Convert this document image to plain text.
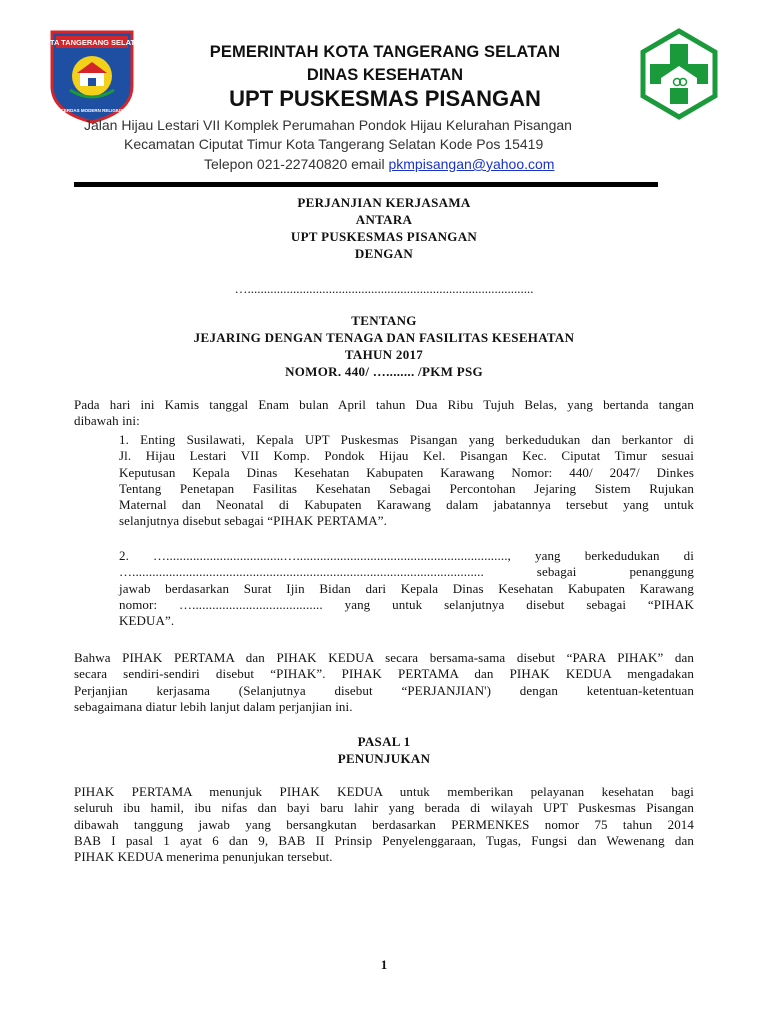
KOTA TANGERANG SELATAN
CERDAS MODERN RELIGIUS
PEMERINTAH KOTA TANGERANG SELATAN
DINAS KESEHATAN
UPT PUSKESMAS PISANGAN
Jalan Hijau Lestari VII Komplek Perumahan Pondok Hijau Kelurahan Pisangan
Kecamatan Ciputat Timur Kota Tangerang Selatan Kode Pos 15419
Telepon 021-22740820 email pkmpisangan@yahoo.com
PERJANJIAN KERJASAMA
ANTARA
UPT PUSKESMAS PISANGAN
DENGAN
…........................................................................................
TENTANG
JEJARING DENGAN TENAGA DAN FASILITAS KESEHATAN
TAHUN 2017
NOMOR. 440/ …........ /PKM PSG
Pada hari ini Kamis tanggal Enam bulan April tahun Dua Ribu Tujuh Belas, yang bertanda tangan
dibawah ini:
1. Enting Susilawati, Kepala UPT Puskesmas Pisangan yang berkedudukan dan berkantor di
Jl. Hijau Lestari VII Komp. Pondok Hijau Kel. Pisangan Kec. Ciputat Timur sesuai
Keputusan Kepala Dinas Kesehatan Kabupaten Karawang Nomor: 440/ 2047/ Dinkes
Tentang Penetapan Fasilitas Kesehatan Sebagai Percontohan Jejaring Sistem Rujukan
Maternal dan Neonatal di Kabupaten Karawang dalam jabatannya tersebut yang untuk
selanjutnya disebut sebagai “PIHAK PERTAMA”.
2. …...................................…..............................................................., yang berkedudukan di
…......................................................................................................... sebagai penanggung
jawab berdasarkan Surat Ijin Bidan dari Kepala Dinas Kesehatan Kabupaten Karawang
nomor: …....................................... yang untuk selanjutnya disebut sebagai “PIHAK
KEDUA”.
Bahwa PIHAK PERTAMA dan PIHAK KEDUA secara bersama-sama disebut “PARA PIHAK” dan
secara sendiri-sendiri disebut “PIHAK”. PIHAK PERTAMA dan PIHAK KEDUA mengadakan
Perjanjian kerjasama (Selanjutnya disebut “PERJANJIAN') dengan ketentuan-ketentuan
sebagaimana diatur lebih lanjut dalam perjanjian ini.
PASAL 1
PENUNJUKAN
PIHAK PERTAMA menunjuk PIHAK KEDUA untuk memberikan pelayanan kesehatan bagi
seluruh ibu hamil, ibu nifas dan bayi baru lahir yang berada di wilayah UPT Puskesmas Pisangan
dibawah tanggung jawab yang bersangkutan berdasarkan PERMENKES nomor 75 tahun 2014
BAB I pasal 1 ayat 6 dan 9, BAB II Prinsip Penyelenggaraan, Tugas, Fungsi dan Wewenang dan
PIHAK KEDUA menerima penunjukan tersebut.
1
